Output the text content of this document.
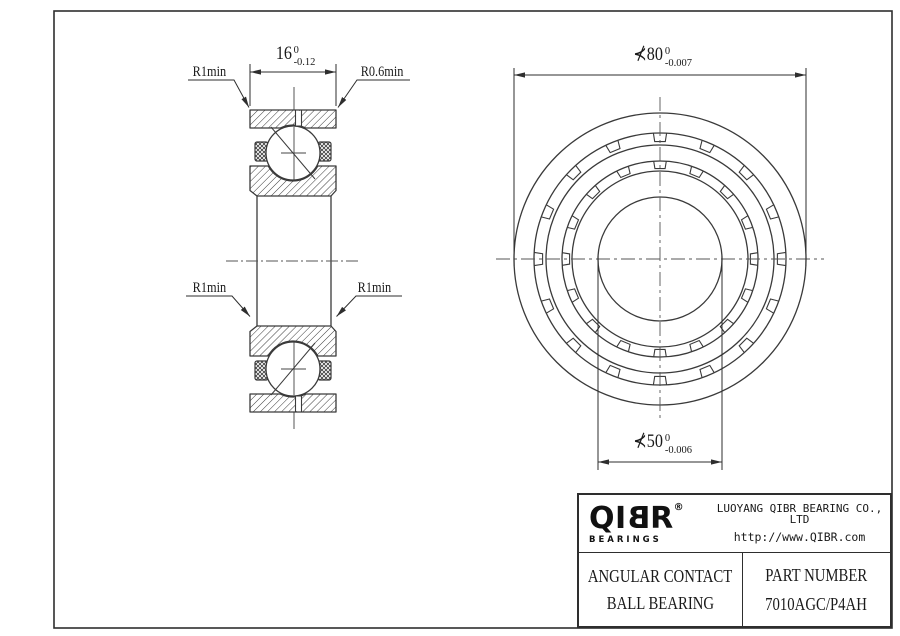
16 0
-0.12
R1min	R0.6min
R1min	R1min
⊀80 0
-0.007
⊀50 0
-0.006
QIBR®
BEARINGS
LUOYANG QIBR BEARING CO., LTD
http://www.QIBR.com
ANGULAR CONTACT
BALL BEARING
PART NUMBER
7010AGC/P4AH
